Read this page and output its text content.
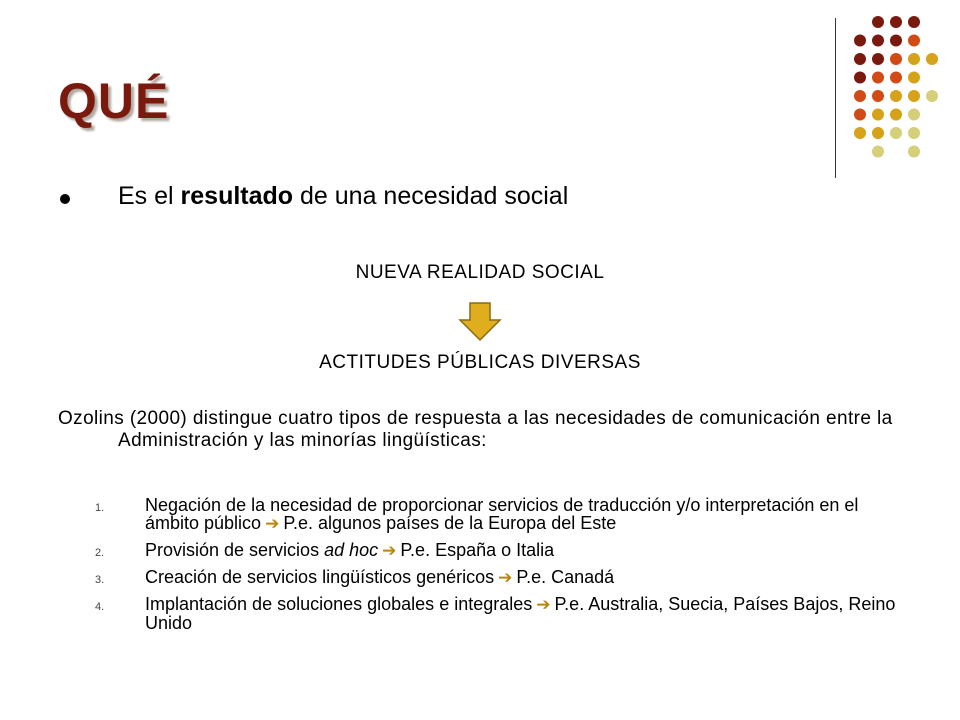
QUÉ
Es el resultado de una necesidad social
NUEVA REALIDAD SOCIAL
ACTITUDES PÚBLICAS DIVERSAS
Ozolins (2000) distingue cuatro tipos de respuesta a las necesidades de comunicación entre la Administración y las minorías lingüísticas:
1. Negación de la necesidad de proporcionar servicios de traducción y/o interpretación en el ámbito público ➔ P.e. algunos países de la Europa del Este
2. Provisión de servicios ad hoc ➔ P.e. España o Italia
3. Creación de servicios lingüísticos genéricos ➔ P.e. Canadá
4. Implantación de soluciones globales e integrales ➔ P.e. Australia, Suecia, Países Bajos, Reino Unido
